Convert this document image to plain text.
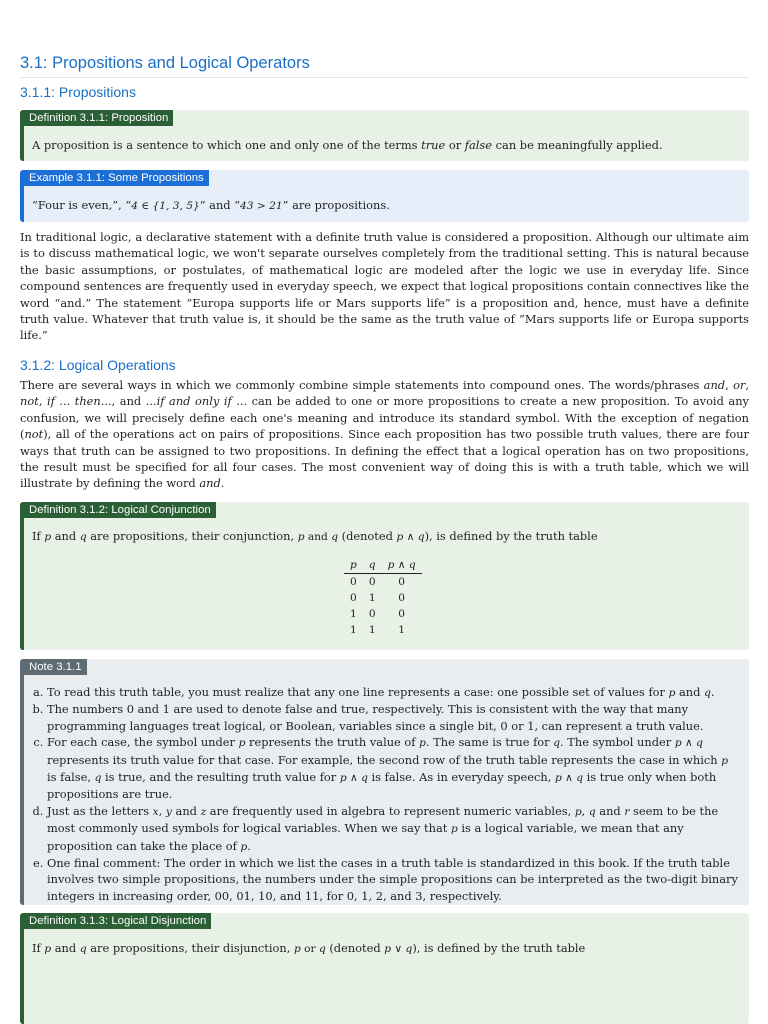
3.1: Propositions and Logical Operators
3.1.1: Propositions
Definition 3.1.1: Proposition
A proposition is a sentence to which one and only one of the terms true or false can be meaningfully applied.
Example 3.1.1: Some Propositions
“Four is even,”, “4 ∈ {1, 3, 5}” and “43 > 21” are propositions.

In traditional logic, a declarative statement with a definite truth value is considered a proposition. Although our ultimate aim is to discuss mathematical logic, we won't separate ourselves completely from the traditional setting. This is natural because the basic assumptions, or postulates, of mathematical logic are modeled after the logic we use in everyday life. Since compound sentences are frequently used in everyday speech, we expect that logical propositions contain connectives like the word “and.” The statement “Europa supports life or Mars supports life” is a proposition and, hence, must have a definite truth value. Whatever that truth value is, it should be the same as the truth value of “Mars supports life or Europa supports life.”

3.1.2: Logical Operations

There are several ways in which we commonly combine simple statements into compound ones. The words/phrases and, or, not, if ... then..., and ...if and only if ... can be added to one or more propositions to create a new proposition. To avoid any confusion, we will precisely define each one's meaning and introduce its standard symbol. With the exception of negation (not), all of the operations act on pairs of propositions. Since each proposition has two possible truth values, there are four ways that truth can be assigned to two propositions. In defining the effect that a logical operation has on two propositions, the result must be specified for all four cases. The most convenient way of doing this is with a truth table, which we will illustrate by defining the word and.

Definition 3.1.2: Logical Conjunction
If p and q are propositions, their conjunction, p and q (denoted p ∧ q), is defined by the truth table
p	q	p ∧ q
0	0	0
0	1	0
1	0	0
1	1	1
Note 3.1.1
a. To read this truth table, you must realize that any one line represents a case: one possible set of values for p and q.
b. The numbers 0 and 1 are used to denote false and true, respectively. This is consistent with the way that many programming languages treat logical, or Boolean, variables since a single bit, 0 or 1, can represent a truth value.
c. For each case, the symbol under p represents the truth value of p. The same is true for q. The symbol under p ∧ q represents its truth value for that case. For example, the second row of the truth table represents the case in which p is false, q is true, and the resulting truth value for p ∧ q is false. As in everyday speech, p ∧ q is true only when both propositions are true.
d. Just as the letters x, y and z are frequently used in algebra to represent numeric variables, p, q and r seem to be the most commonly used symbols for logical variables. When we say that p is a logical variable, we mean that any proposition can take the place of p.
e. One final comment: The order in which we list the cases in a truth table is standardized in this book. If the truth table involves two simple propositions, the numbers under the simple propositions can be interpreted as the two-digit binary integers in increasing order, 00, 01, 10, and 11, for 0, 1, 2, and 3, respectively.
Definition 3.1.3: Logical Disjunction
If p and q are propositions, their disjunction, p or q (denoted p ∨ q), is defined by the truth table
